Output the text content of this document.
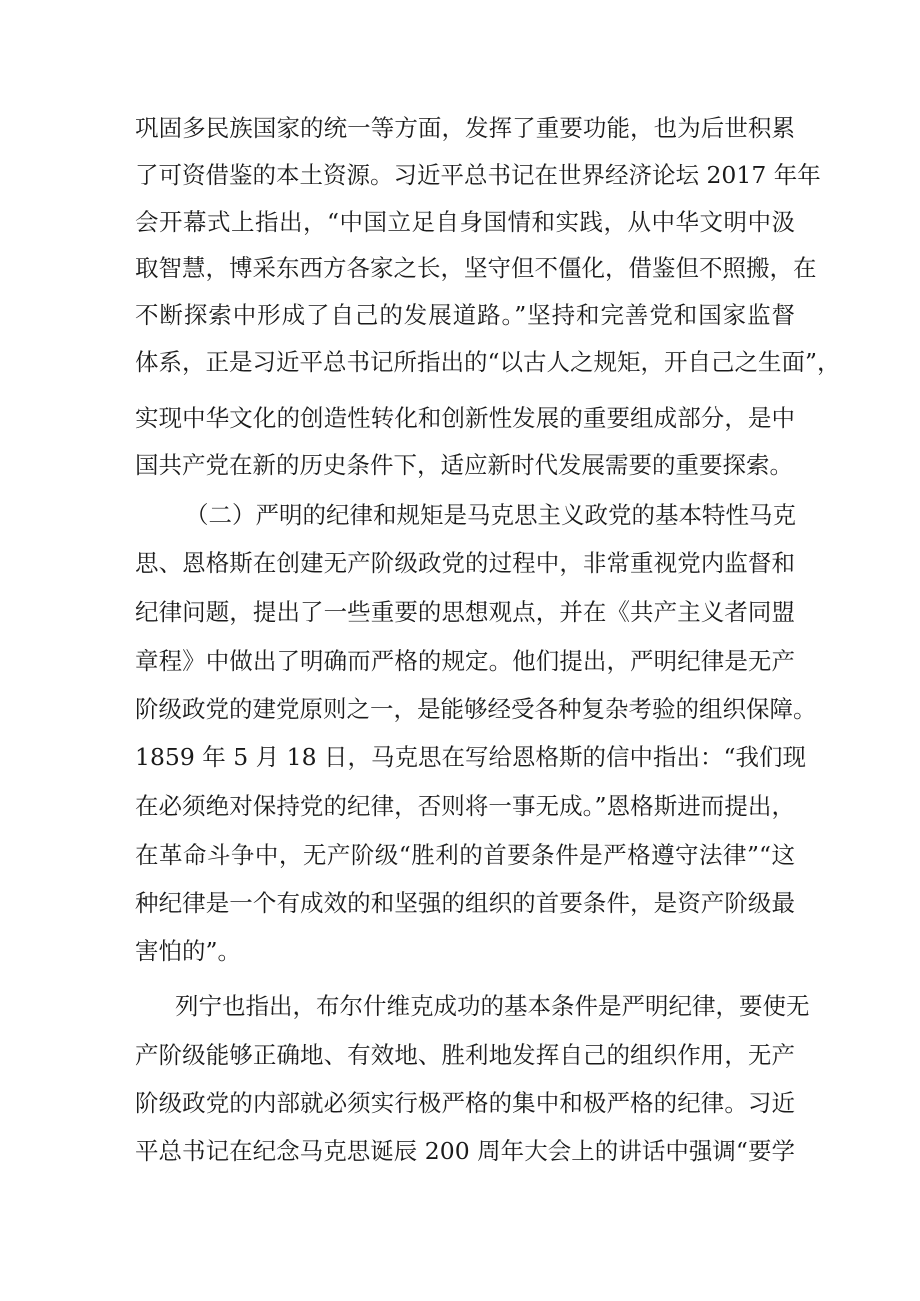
巩固多民族国家的统一等方面，发挥了重要功能，也为后世积累
了可资借鉴的本土资源。习近平总书记在世界经济论坛 2017 年年
会开幕式上指出，“中国立足自身国情和实践，从中华文明中汲
取智慧，博采东西方各家之长，坚守但不僵化，借鉴但不照搬，在
不断探索中形成了自己的发展道路。”坚持和完善党和国家监督
体系，正是习近平总书记所指出的“以古人之规矩，开自己之生面”，
实现中华文化的创造性转化和创新性发展的重要组成部分，是中
国共产党在新的历史条件下，适应新时代发展需要的重要探索。
（二）严明的纪律和规矩是马克思主义政党的基本特性马克
思、恩格斯在创建无产阶级政党的过程中，非常重视党内监督和
纪律问题，提出了一些重要的思想观点，并在《共产主义者同盟
章程》中做出了明确而严格的规定。他们提出，严明纪律是无产
阶级政党的建党原则之一，是能够经受各种复杂考验的组织保障。
1859 年 5 月 18 日，马克思在写给恩格斯的信中指出：“我们现
在必须绝对保持党的纪律，否则将一事无成。”恩格斯进而提出，
在革命斗争中，无产阶级“胜利的首要条件是严格遵守法律”“这
种纪律是一个有成效的和坚强的组织的首要条件，是资产阶级最
害怕的”。
列宁也指出，布尔什维克成功的基本条件是严明纪律，要使无
产阶级能够正确地、有效地、胜利地发挥自己的组织作用，无产
阶级政党的内部就必须实行极严格的集中和极严格的纪律。习近
平总书记在纪念马克思诞辰 200 周年大会上的讲话中强调“要学
